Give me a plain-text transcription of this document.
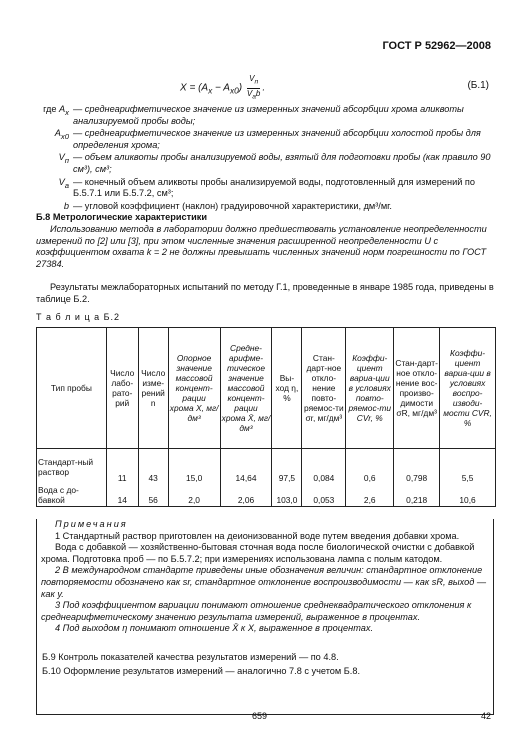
ГОСТ Р 52962—2008
$X = (A_x - A_{x0}) \frac{V_п}{V_аb}$ .	(Б.1)
где $A_x$ — среднеарифметическое значение из измеренных значений абсорбции хрома аликвоты анализируемой пробы воды;
$A_{x0}$ — среднеарифметическое значение из измеренных значений абсорбции холостой пробы для определения хрома;
$V_п$ — объем аликвоты пробы анализируемой воды, взятый для подготовки пробы (как правило 90 см³), см³;
$V_а$ — конечный объем аликвоты пробы анализируемой воды, подготовленный для измерений по Б.5.7.1 или Б.5.7.2, см³;
b — угловой коэффициент (наклон) градуировочной характеристики, дм³/мг.
Б.8 Метрологические характеристики
Использованию метода в лаборатории должно предшествовать установление неопределенности измерений по [2] или [3], при этом численные значения расширенной неопределенности U с коэффициентом охвата k = 2 не должны превышать численных значений норм погрешности по ГОСТ 27384.
Результаты межлабораторных испытаний по методу Г.1, проведенные в январе 1985 года, приведены в таблице Б.2.
Т а б л и ц а Б.2
Тип пробы	Число лабо-рато-рий	Число изме-рений n	Опорное значение массовой концент-рации хрома X, мг/дм³	Средне-арифме-тическое значение массовой концент-рации хрома X̄, мг/дм³	Вы-ход η, %	Стан-дарт-ное откло-нение повто-ряемос-ти σr, мг/дм³	Коэффи-циент вариа-ции в условиях повто-ряемос-ти CVr, %	Стан-дарт-ное откло-нение вос-произво-димости σR, мг/дм³	Коэффи-циент вариа-ции в условиях воспро-изводи-мости CVR, %
Стандарт-ный раствор	11	43	15,0	14,64	97,5	0,084	0,6	0,798	5,5
Вода с до-бавкой	14	56	2,0	2,06	103,0	0,053	2,6	0,218	10,6

Примечания

1 Стандартный раствор приготовлен на деионизованной воде путем введения добавки хрома.

Вода с добавкой — хозяйственно-бытовая сточная вода после биологической очистки с добавкой хрома. Подготовка проб — по Б.5.7.2; при измерениях использована лампа с полым катодом.

2 В международном стандарте приведены иные обозначения величин: стандартное отклонение повторяемости обозначено как sr, стандартное отклонение воспроизводимости — как sR, выход — как y.

3 Под коэффициентом вариации понимают отношение среднеквадратического отклонения к среднеарифметическому значению результата измерений, выраженное в процентах.

4 Под выходом η понимают отношение X̄ к X, выраженное в процентах.

Б.9 Контроль показателей качества результатов измерений — по 4.8.
Б.10 Оформление результатов измерений — аналогично 7.8 с учетом Б.8.
659	42
